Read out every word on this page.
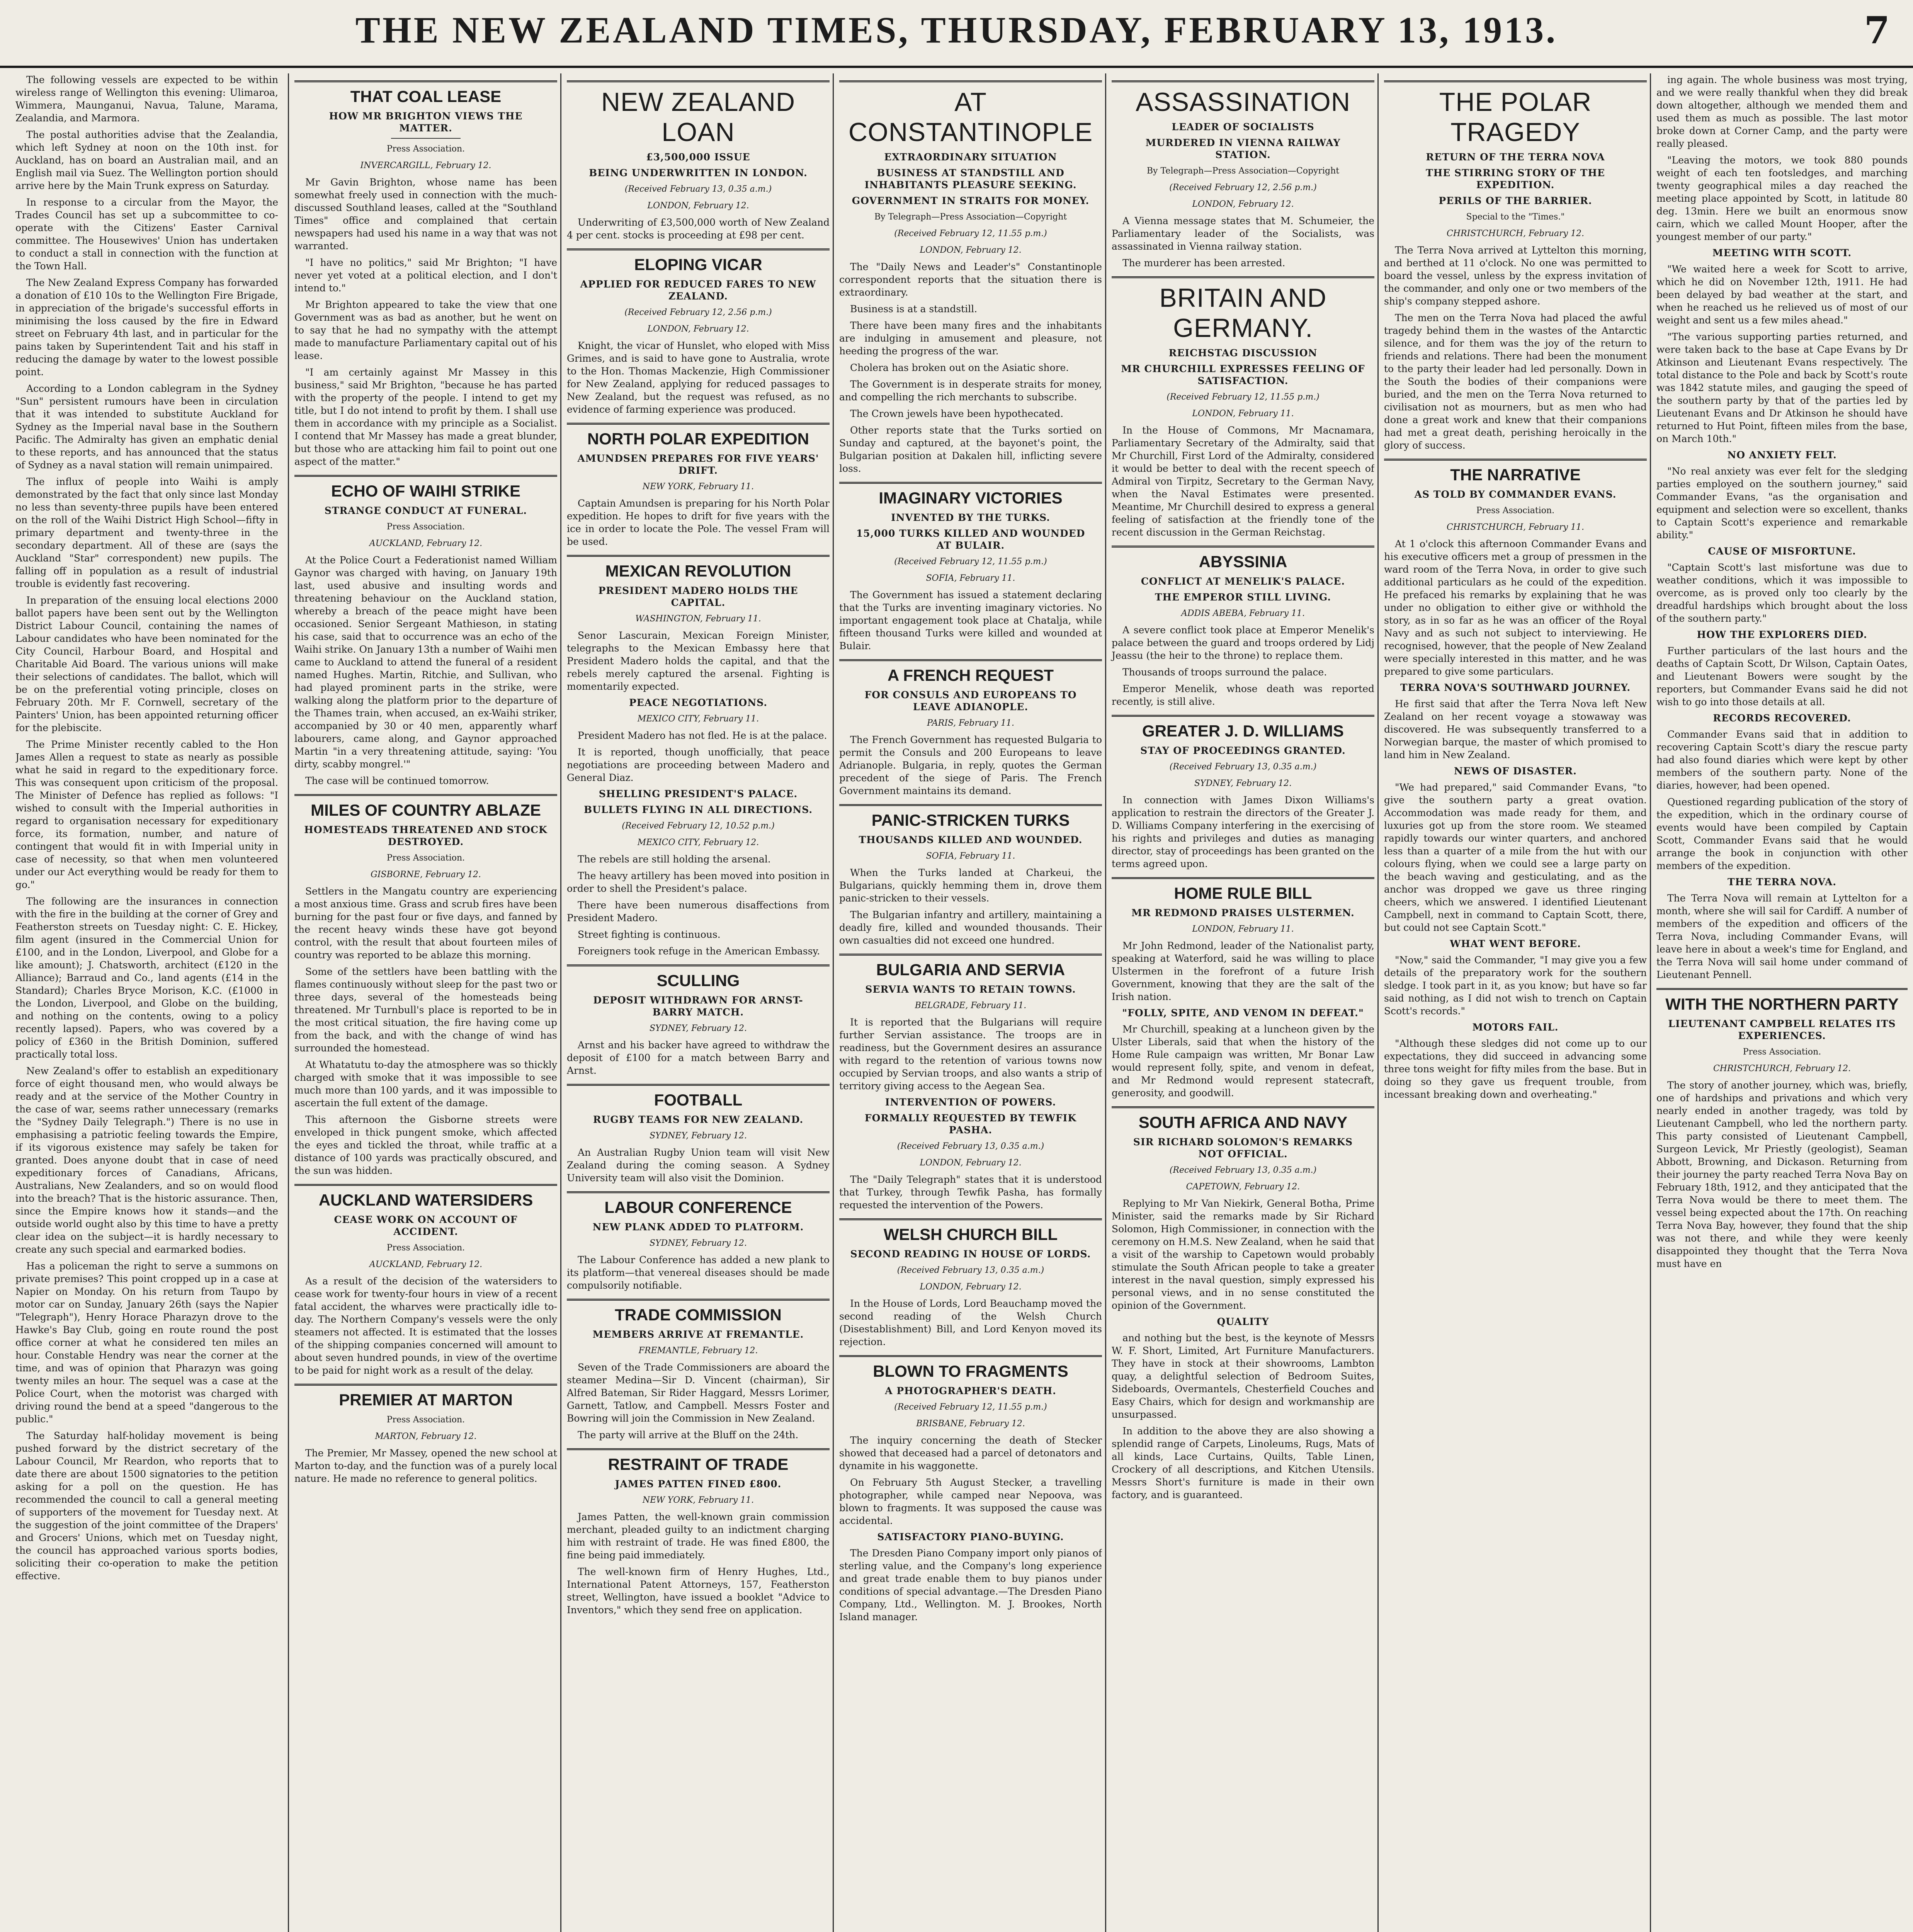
THE NEW ZEALAND TIMES, THURSDAY, FEBRUARY 13, 1913.	7

The following vessels are expected to be within wireless range of Wellington this evening: Ulimaroa, Wimmera, Maunganui, Navua, Talune, Marama, Zealandia, and Marmora.

The postal authorities advise that the Zealandia, which left Sydney at noon on the 10th inst. for Auckland, has on board an Australian mail, and an English mail via Suez. The Wellington portion should arrive here by the Main Trunk express on Saturday.

In response to a circular from the Mayor, the Trades Council has set up a subcommittee to co-operate with the Citizens' Easter Carnival committee. The Housewives' Union has undertaken to conduct a stall in connection with the function at the Town Hall.

The New Zealand Express Company has forwarded a donation of £10 10s to the Wellington Fire Brigade, in appreciation of the brigade's successful efforts in minimising the loss caused by the fire in Edward street on February 4th last, and in particular for the pains taken by Superintendent Tait and his staff in reducing the damage by water to the lowest possible point.

According to a London cablegram in the Sydney "Sun" persistent rumours have been in circulation that it was intended to substitute Auckland for Sydney as the Imperial naval base in the Southern Pacific. The Admiralty has given an emphatic denial to these reports, and has announced that the status of Sydney as a naval station will remain unimpaired.

The influx of people into Waihi is amply demonstrated by the fact that only since last Monday no less than seventy-three pupils have been entered on the roll of the Waihi District High School—fifty in primary department and twenty-three in the secondary department. All of these are (says the Auckland "Star" correspondent) new pupils. The falling off in population as a result of industrial trouble is evidently fast recovering.

In preparation of the ensuing local elections 2000 ballot papers have been sent out by the Wellington District Labour Council, containing the names of Labour candidates who have been nominated for the City Council, Harbour Board, and Hospital and Charitable Aid Board. The various unions will make their selections of candidates. The ballot, which will be on the preferential voting principle, closes on February 20th. Mr F. Cornwell, secretary of the Painters' Union, has been appointed returning officer for the plebiscite.

The Prime Minister recently cabled to the Hon James Allen a request to state as nearly as possible what he said in regard to the expeditionary force. This was consequent upon criticism of the proposal. The Minister of Defence has replied as follows: "I wished to consult with the Imperial authorities in regard to organisation necessary for expeditionary force, its formation, number, and nature of contingent that would fit in with Imperial unity in case of necessity, so that when men volunteered under our Act everything would be ready for them to go."

The following are the insurances in connection with the fire in the building at the corner of Grey and Featherston streets on Tuesday night: C. E. Hickey, film agent (insured in the Commercial Union for £100, and in the London, Liverpool, and Globe for a like amount); J. Chatsworth, architect (£120 in the Alliance); Barraud and Co., land agents (£14 in the Standard); Charles Bryce Morison, K.C. (£1000 in the London, Liverpool, and Globe on the building, and nothing on the contents, owing to a policy recently lapsed). Papers, who was covered by a policy of £360 in the British Dominion, suffered practically total loss.

New Zealand's offer to establish an expeditionary force of eight thousand men, who would always be ready and at the service of the Mother Country in the case of war, seems rather unnecessary (remarks the "Sydney Daily Telegraph.") There is no use in emphasising a patriotic feeling towards the Empire, if its vigorous existence may safely be taken for granted. Does anyone doubt that in case of need expeditionary forces of Canadians, Africans, Australians, New Zealanders, and so on would flood into the breach? That is the historic assurance. Then, since the Empire knows how it stands—and the outside world ought also by this time to have a pretty clear idea on the subject—it is hardly necessary to create any such special and earmarked bodies.

Has a policeman the right to serve a summons on private premises? This point cropped up in a case at Napier on Monday. On his return from Taupo by motor car on Sunday, January 26th (says the Napier "Telegraph"), Henry Horace Pharazyn drove to the Hawke's Bay Club, going en route round the post office corner at what he considered ten miles an hour. Constable Hendry was near the corner at the time, and was of opinion that Pharazyn was going twenty miles an hour. The sequel was a case at the Police Court, when the motorist was charged with driving round the bend at a speed "dangerous to the public."

The Saturday half-holiday movement is being pushed forward by the district secretary of the Labour Council, Mr Reardon, who reports that to date there are about 1500 signatories to the petition asking for a poll on the question. He has recommended the council to call a general meeting of supporters of the movement for Tuesday next. At the suggestion of the joint committee of the Drapers' and Grocers' Unions, which met on Tuesday night, the council has approached various sports bodies, soliciting their co-operation to make the petition effective.

THAT COAL LEASE
HOW MR BRIGHTON VIEWS THE MATTER.

Press Association.

INVERCARGILL, February 12.

Mr Gavin Brighton, whose name has been somewhat freely used in connection with the much-discussed Southland leases, called at the "Southland Times" office and complained that certain newspapers had used his name in a way that was not warranted.

"I have no politics," said Mr Brighton; "I have never yet voted at a political election, and I don't intend to."

Mr Brighton appeared to take the view that one Government was as bad as another, but he went on to say that he had no sympathy with the attempt made to manufacture Parliamentary capital out of his lease.

"I am certainly against Mr Massey in this business," said Mr Brighton, "because he has parted with the property of the people. I intend to get my title, but I do not intend to profit by them. I shall use them in accordance with my principle as a Socialist. I contend that Mr Massey has made a great blunder, but those who are attacking him fail to point out one aspect of the matter."

ECHO OF WAIHI STRIKE
STRANGE CONDUCT AT FUNERAL.

Press Association.

AUCKLAND, February 12.

At the Police Court a Federationist named William Gaynor was charged with having, on January 19th last, used abusive and insulting words and threatening behaviour on the Auckland station, whereby a breach of the peace might have been occasioned. Senior Sergeant Mathieson, in stating his case, said that to occurrence was an echo of the Waihi strike. On January 13th a number of Waihi men came to Auckland to attend the funeral of a resident named Hughes. Martin, Ritchie, and Sullivan, who had played prominent parts in the strike, were walking along the platform prior to the departure of the Thames train, when accused, an ex-Waihi striker, accompanied by 30 or 40 men, apparently wharf labourers, came along, and Gaynor approached Martin "in a very threatening attitude, saying: 'You dirty, scabby mongrel.'"

The case will be continued tomorrow.

MILES OF COUNTRY ABLAZE
HOMESTEADS THREATENED AND STOCK DESTROYED.

Press Association.

GISBORNE, February 12.

Settlers in the Mangatu country are experiencing a most anxious time. Grass and scrub fires have been burning for the past four or five days, and fanned by the recent heavy winds these have got beyond control, with the result that about fourteen miles of country was reported to be ablaze this morning.

Some of the settlers have been battling with the flames continuously without sleep for the past two or three days, several of the homesteads being threatened. Mr Turnbull's place is reported to be in the most critical situation, the fire having come up from the back, and with the change of wind has surrounded the homestead.

At Whatatutu to-day the atmosphere was so thickly charged with smoke that it was impossible to see much more than 100 yards, and it was impossible to ascertain the full extent of the damage.

This afternoon the Gisborne streets were enveloped in thick pungent smoke, which affected the eyes and tickled the throat, while traffic at a distance of 100 yards was practically obscured, and the sun was hidden.

AUCKLAND WATERSIDERS
CEASE WORK ON ACCOUNT OF ACCIDENT.

Press Association.

AUCKLAND, February 12.

As a result of the decision of the watersiders to cease work for twenty-four hours in view of a recent fatal accident, the wharves were practically idle to-day. The Northern Company's vessels were the only steamers not affected. It is estimated that the losses of the shipping companies concerned will amount to about seven hundred pounds, in view of the overtime to be paid for night work as a result of the delay.

PREMIER AT MARTON

Press Association.

MARTON, February 12.

The Premier, Mr Massey, opened the new school at Marton to-day, and the function was of a purely local nature. He made no reference to general politics.

NEW ZEALAND LOAN
£3,500,000 ISSUE
BEING UNDERWRITTEN IN LONDON.

(Received February 13, 0.35 a.m.)

LONDON, February 12.

Underwriting of £3,500,000 worth of New Zealand 4 per cent. stocks is proceeding at £98 per cent.

ELOPING VICAR
APPLIED FOR REDUCED FARES TO NEW ZEALAND.

(Received February 12, 2.56 p.m.)

LONDON, February 12.

Knight, the vicar of Hunslet, who eloped with Miss Grimes, and is said to have gone to Australia, wrote to the Hon. Thomas Mackenzie, High Commissioner for New Zealand, applying for reduced passages to New Zealand, but the request was refused, as no evidence of farming experience was produced.

NORTH POLAR EXPEDITION
AMUNDSEN PREPARES FOR FIVE YEARS' DRIFT.

NEW YORK, February 11.

Captain Amundsen is preparing for his North Polar expedition. He hopes to drift for five years with the ice in order to locate the Pole. The vessel Fram will be used.

MEXICAN REVOLUTION
PRESIDENT MADERO HOLDS THE CAPITAL.

WASHINGTON, February 11.

Senor Lascurain, Mexican Foreign Minister, telegraphs to the Mexican Embassy here that President Madero holds the capital, and that the rebels merely captured the arsenal. Fighting is momentarily expected.

PEACE NEGOTIATIONS.

MEXICO CITY, February 11.

President Madero has not fled. He is at the palace.

It is reported, though unofficially, that peace negotiations are proceeding between Madero and General Diaz.

SHELLING PRESIDENT'S PALACE.
BULLETS FLYING IN ALL DIRECTIONS.

(Received February 12, 10.52 p.m.)

MEXICO CITY, February 12.

The rebels are still holding the arsenal.

The heavy artillery has been moved into position in order to shell the President's palace.

There have been numerous disaffections from President Madero.

Street fighting is continuous.

Foreigners took refuge in the American Embassy.

SCULLING
DEPOSIT WITHDRAWN FOR ARNST-BARRY MATCH.

SYDNEY, February 12.

Arnst and his backer have agreed to withdraw the deposit of £100 for a match between Barry and Arnst.

FOOTBALL
RUGBY TEAMS FOR NEW ZEALAND.

SYDNEY, February 12.

An Australian Rugby Union team will visit New Zealand during the coming season. A Sydney University team will also visit the Dominion.

LABOUR CONFERENCE
NEW PLANK ADDED TO PLATFORM.

SYDNEY, February 12.

The Labour Conference has added a new plank to its platform—that venereal diseases should be made compulsorily notifiable.

TRADE COMMISSION
MEMBERS ARRIVE AT FREMANTLE.

FREMANTLE, February 12.

Seven of the Trade Commissioners are aboard the steamer Medina—Sir D. Vincent (chairman), Sir Alfred Bateman, Sir Rider Haggard, Messrs Lorimer, Garnett, Tatlow, and Campbell. Messrs Foster and Bowring will join the Commission in New Zealand.

The party will arrive at the Bluff on the 24th.

RESTRAINT OF TRADE
JAMES PATTEN FINED £800.

NEW YORK, February 11.

James Patten, the well-known grain commission merchant, pleaded guilty to an indictment charging him with restraint of trade. He was fined £800, the fine being paid immediately.

The well-known firm of Henry Hughes, Ltd., International Patent Attorneys, 157, Featherston street, Wellington, have issued a booklet "Advice to Inventors," which they send free on application.

AT CONSTANTINOPLE
EXTRAORDINARY SITUATION
BUSINESS AT STANDSTILL AND INHABITANTS PLEASURE SEEKING.
GOVERNMENT IN STRAITS FOR MONEY.

By Telegraph—Press Association—Copyright

(Received February 12, 11.55 p.m.)

LONDON, February 12.

The "Daily News and Leader's" Constantinople correspondent reports that the situation there is extraordinary.

Business is at a standstill.

There have been many fires and the inhabitants are indulging in amusement and pleasure, not heeding the progress of the war.

Cholera has broken out on the Asiatic shore.

The Government is in desperate straits for money, and compelling the rich merchants to subscribe.

The Crown jewels have been hypothecated.

Other reports state that the Turks sortied on Sunday and captured, at the bayonet's point, the Bulgarian position at Dakalen hill, inflicting severe loss.

IMAGINARY VICTORIES
INVENTED BY THE TURKS.
15,000 TURKS KILLED AND WOUNDED AT BULAIR.

(Received February 12, 11.55 p.m.)

SOFIA, February 11.

The Government has issued a statement declaring that the Turks are inventing imaginary victories. No important engagement took place at Chatalja, while fifteen thousand Turks were killed and wounded at Bulair.

A FRENCH REQUEST
FOR CONSULS AND EUROPEANS TO LEAVE ADIANOPLE.

PARIS, February 11.

The French Government has requested Bulgaria to permit the Consuls and 200 Europeans to leave Adrianople. Bulgaria, in reply, quotes the German precedent of the siege of Paris. The French Government maintains its demand.

PANIC-STRICKEN TURKS
THOUSANDS KILLED AND WOUNDED.

SOFIA, February 11.

When the Turks landed at Charkeui, the Bulgarians, quickly hemming them in, drove them panic-stricken to their vessels.

The Bulgarian infantry and artillery, maintaining a deadly fire, killed and wounded thousands. Their own casualties did not exceed one hundred.

BULGARIA AND SERVIA
SERVIA WANTS TO RETAIN TOWNS.

BELGRADE, February 11.

It is reported that the Bulgarians will require further Servian assistance. The troops are in readiness, but the Government desires an assurance with regard to the retention of various towns now occupied by Servian troops, and also wants a strip of territory giving access to the Aegean Sea.

INTERVENTION OF POWERS.
FORMALLY REQUESTED BY TEWFIK PASHA.

(Received February 13, 0.35 a.m.)

LONDON, February 12.

The "Daily Telegraph" states that it is understood that Turkey, through Tewfik Pasha, has formally requested the intervention of the Powers.

WELSH CHURCH BILL
SECOND READING IN HOUSE OF LORDS.

(Received February 13, 0.35 a.m.)

LONDON, February 12.

In the House of Lords, Lord Beauchamp moved the second reading of the Welsh Church (Disestablishment) Bill, and Lord Kenyon moved its rejection.

BLOWN TO FRAGMENTS
A PHOTOGRAPHER'S DEATH.

(Received February 12, 11.55 p.m.)

BRISBANE, February 12.

The inquiry concerning the death of Stecker showed that deceased had a parcel of detonators and dynamite in his waggonette.

On February 5th August Stecker, a travelling photographer, while camped near Nepoova, was blown to fragments. It was supposed the cause was accidental.

SATISFACTORY PIANO-BUYING.

The Dresden Piano Company import only pianos of sterling value, and the Company's long experience and great trade enable them to buy pianos under conditions of special advantage.—The Dresden Piano Company, Ltd., Wellington. M. J. Brookes, North Island manager.

ASSASSINATION
LEADER OF SOCIALISTS
MURDERED IN VIENNA RAILWAY STATION.

By Telegraph—Press Association—Copyright

(Received February 12, 2.56 p.m.)

LONDON, February 12.

A Vienna message states that M. Schumeier, the Parliamentary leader of the Socialists, was assassinated in Vienna railway station.

The murderer has been arrested.

BRITAIN AND GERMANY.
REICHSTAG DISCUSSION
MR CHURCHILL EXPRESSES FEELING OF SATISFACTION.

(Received February 12, 11.55 p.m.)

LONDON, February 11.

In the House of Commons, Mr Macnamara, Parliamentary Secretary of the Admiralty, said that Mr Churchill, First Lord of the Admiralty, considered it would be better to deal with the recent speech of Admiral von Tirpitz, Secretary to the German Navy, when the Naval Estimates were presented. Meantime, Mr Churchill desired to express a general feeling of satisfaction at the friendly tone of the recent discussion in the German Reichstag.

ABYSSINIA
CONFLICT AT MENELIK'S PALACE.
THE EMPEROR STILL LIVING.

ADDIS ABEBA, February 11.

A severe conflict took place at Emperor Menelik's palace between the guard and troops ordered by Lidj Jeassu (the heir to the throne) to replace them.

Thousands of troops surround the palace.

Emperor Menelik, whose death was reported recently, is still alive.

GREATER J. D. WILLIAMS
STAY OF PROCEEDINGS GRANTED.

(Received February 13, 0.35 a.m.)

SYDNEY, February 12.

In connection with James Dixon Williams's application to restrain the directors of the Greater J. D. Williams Company interfering in the exercising of his rights and privileges and duties as managing director, stay of proceedings has been granted on the terms agreed upon.

HOME RULE BILL
MR REDMOND PRAISES ULSTERMEN.

LONDON, February 11.

Mr John Redmond, leader of the Nationalist party, speaking at Waterford, said he was willing to place Ulstermen in the forefront of a future Irish Government, knowing that they are the salt of the Irish nation.

"FOLLY, SPITE, AND VENOM IN DEFEAT."

Mr Churchill, speaking at a luncheon given by the Ulster Liberals, said that when the history of the Home Rule campaign was written, Mr Bonar Law would represent folly, spite, and venom in defeat, and Mr Redmond would represent statecraft, generosity, and goodwill.

SOUTH AFRICA AND NAVY
SIR RICHARD SOLOMON'S REMARKS NOT OFFICIAL.

(Received February 13, 0.35 a.m.)

CAPETOWN, February 12.

Replying to Mr Van Niekirk, General Botha, Prime Minister, said the remarks made by Sir Richard Solomon, High Commissioner, in connection with the ceremony on H.M.S. New Zealand, when he said that a visit of the warship to Capetown would probably stimulate the South African people to take a greater interest in the naval question, simply expressed his personal views, and in no sense constituted the opinion of the Government.

QUALITY

and nothing but the best, is the keynote of Messrs W. F. Short, Limited, Art Furniture Manufacturers. They have in stock at their showrooms, Lambton quay, a delightful selection of Bedroom Suites, Sideboards, Overmantels, Chesterfield Couches and Easy Chairs, which for design and workmanship are unsurpassed.

In addition to the above they are also showing a splendid range of Carpets, Linoleums, Rugs, Mats of all kinds, Lace Curtains, Quilts, Table Linen, Crockery of all descriptions, and Kitchen Utensils. Messrs Short's furniture is made in their own factory, and is guaranteed.

THE POLAR TRAGEDY
RETURN OF THE TERRA NOVA
THE STIRRING STORY OF THE EXPEDITION.
PERILS OF THE BARRIER.

Special to the "Times."

CHRISTCHURCH, February 12.

The Terra Nova arrived at Lyttelton this morning, and berthed at 11 o'clock. No one was permitted to board the vessel, unless by the express invitation of the commander, and only one or two members of the ship's company stepped ashore.

The men on the Terra Nova had placed the awful tragedy behind them in the wastes of the Antarctic silence, and for them was the joy of the return to friends and relations. There had been the monument to the party their leader had led personally. Down in the South the bodies of their companions were buried, and the men on the Terra Nova returned to civilisation not as mourners, but as men who had done a great work and knew that their companions had met a great death, perishing heroically in the glory of success.

THE NARRATIVE
AS TOLD BY COMMANDER EVANS.

Press Association.

CHRISTCHURCH, February 11.

At 1 o'clock this afternoon Commander Evans and his executive officers met a group of pressmen in the ward room of the Terra Nova, in order to give such additional particulars as he could of the expedition. He prefaced his remarks by explaining that he was under no obligation to either give or withhold the story, as in so far as he was an officer of the Royal Navy and as such not subject to interviewing. He recognised, however, that the people of New Zealand were specially interested in this matter, and he was prepared to give some particulars.

TERRA NOVA'S SOUTHWARD JOURNEY.

He first said that after the Terra Nova left New Zealand on her recent voyage a stowaway was discovered. He was subsequently transferred to a Norwegian barque, the master of which promised to land him in New Zealand.

NEWS OF DISASTER.

"We had prepared," said Commander Evans, "to give the southern party a great ovation. Accommodation was made ready for them, and luxuries got up from the store room. We steamed rapidly towards our winter quarters, and anchored less than a quarter of a mile from the hut with our colours flying, when we could see a large party on the beach waving and gesticulating, and as the anchor was dropped we gave us three ringing cheers, which we answered. I identified Lieutenant Campbell, next in command to Captain Scott, there, but could not see Captain Scott."

WHAT WENT BEFORE.

"Now," said the Commander, "I may give you a few details of the preparatory work for the southern sledge. I took part in it, as you know; but have so far said nothing, as I did not wish to trench on Captain Scott's records."

MOTORS FAIL.

"Although these sledges did not come up to our expectations, they did succeed in advancing some three tons weight for fifty miles from the base. But in doing so they gave us frequent trouble, from incessant breaking down and overheating."

ing again. The whole business was most trying, and we were really thankful when they did break down altogether, although we mended them and used them as much as possible. The last motor broke down at Corner Camp, and the party were really pleased.

"Leaving the motors, we took 880 pounds weight of each ten footsledges, and marching twenty geographical miles a day reached the meeting place appointed by Scott, in latitude 80 deg. 13min. Here we built an enormous snow cairn, which we called Mount Hooper, after the youngest member of our party."

MEETING WITH SCOTT.

"We waited here a week for Scott to arrive, which he did on November 12th, 1911. He had been delayed by bad weather at the start, and when he reached us he relieved us of most of our weight and sent us a few miles ahead."

"The various supporting parties returned, and were taken back to the base at Cape Evans by Dr Atkinson and Lieutenant Evans respectively. The total distance to the Pole and back by Scott's route was 1842 statute miles, and gauging the speed of the southern party by that of the parties led by Lieutenant Evans and Dr Atkinson he should have returned to Hut Point, fifteen miles from the base, on March 10th."

NO ANXIETY FELT.

"No real anxiety was ever felt for the sledging parties employed on the southern journey," said Commander Evans, "as the organisation and equipment and selection were so excellent, thanks to Captain Scott's experience and remarkable ability."

CAUSE OF MISFORTUNE.

"Captain Scott's last misfortune was due to weather conditions, which it was impossible to overcome, as is proved only too clearly by the dreadful hardships which brought about the loss of the southern party."

HOW THE EXPLORERS DIED.

Further particulars of the last hours and the deaths of Captain Scott, Dr Wilson, Captain Oates, and Lieutenant Bowers were sought by the reporters, but Commander Evans said he did not wish to go into those details at all.

RECORDS RECOVERED.

Commander Evans said that in addition to recovering Captain Scott's diary the rescue party had also found diaries which were kept by other members of the southern party. None of the diaries, however, had been opened.

Questioned regarding publication of the story of the expedition, which in the ordinary course of events would have been compiled by Captain Scott, Commander Evans said that he would arrange the book in conjunction with other members of the expedition.

THE TERRA NOVA.

The Terra Nova will remain at Lyttelton for a month, where she will sail for Cardiff. A number of members of the expedition and officers of the Terra Nova, including Commander Evans, will leave here in about a week's time for England, and the Terra Nova will sail home under command of Lieutenant Pennell.

WITH THE NORTHERN PARTY
LIEUTENANT CAMPBELL RELATES ITS EXPERIENCES.

Press Association.

CHRISTCHURCH, February 12.

The story of another journey, which was, briefly, one of hardships and privations and which very nearly ended in another tragedy, was told by Lieutenant Campbell, who led the northern party. This party consisted of Lieutenant Campbell, Surgeon Levick, Mr Priestly (geologist), Seaman Abbott, Browning, and Dickason. Returning from their journey the party reached Terra Nova Bay on February 18th, 1912, and they anticipated that the Terra Nova would be there to meet them. The vessel being expected about the 17th. On reaching Terra Nova Bay, however, they found that the ship was not there, and while they were keenly disappointed they thought that the Terra Nova must have en
